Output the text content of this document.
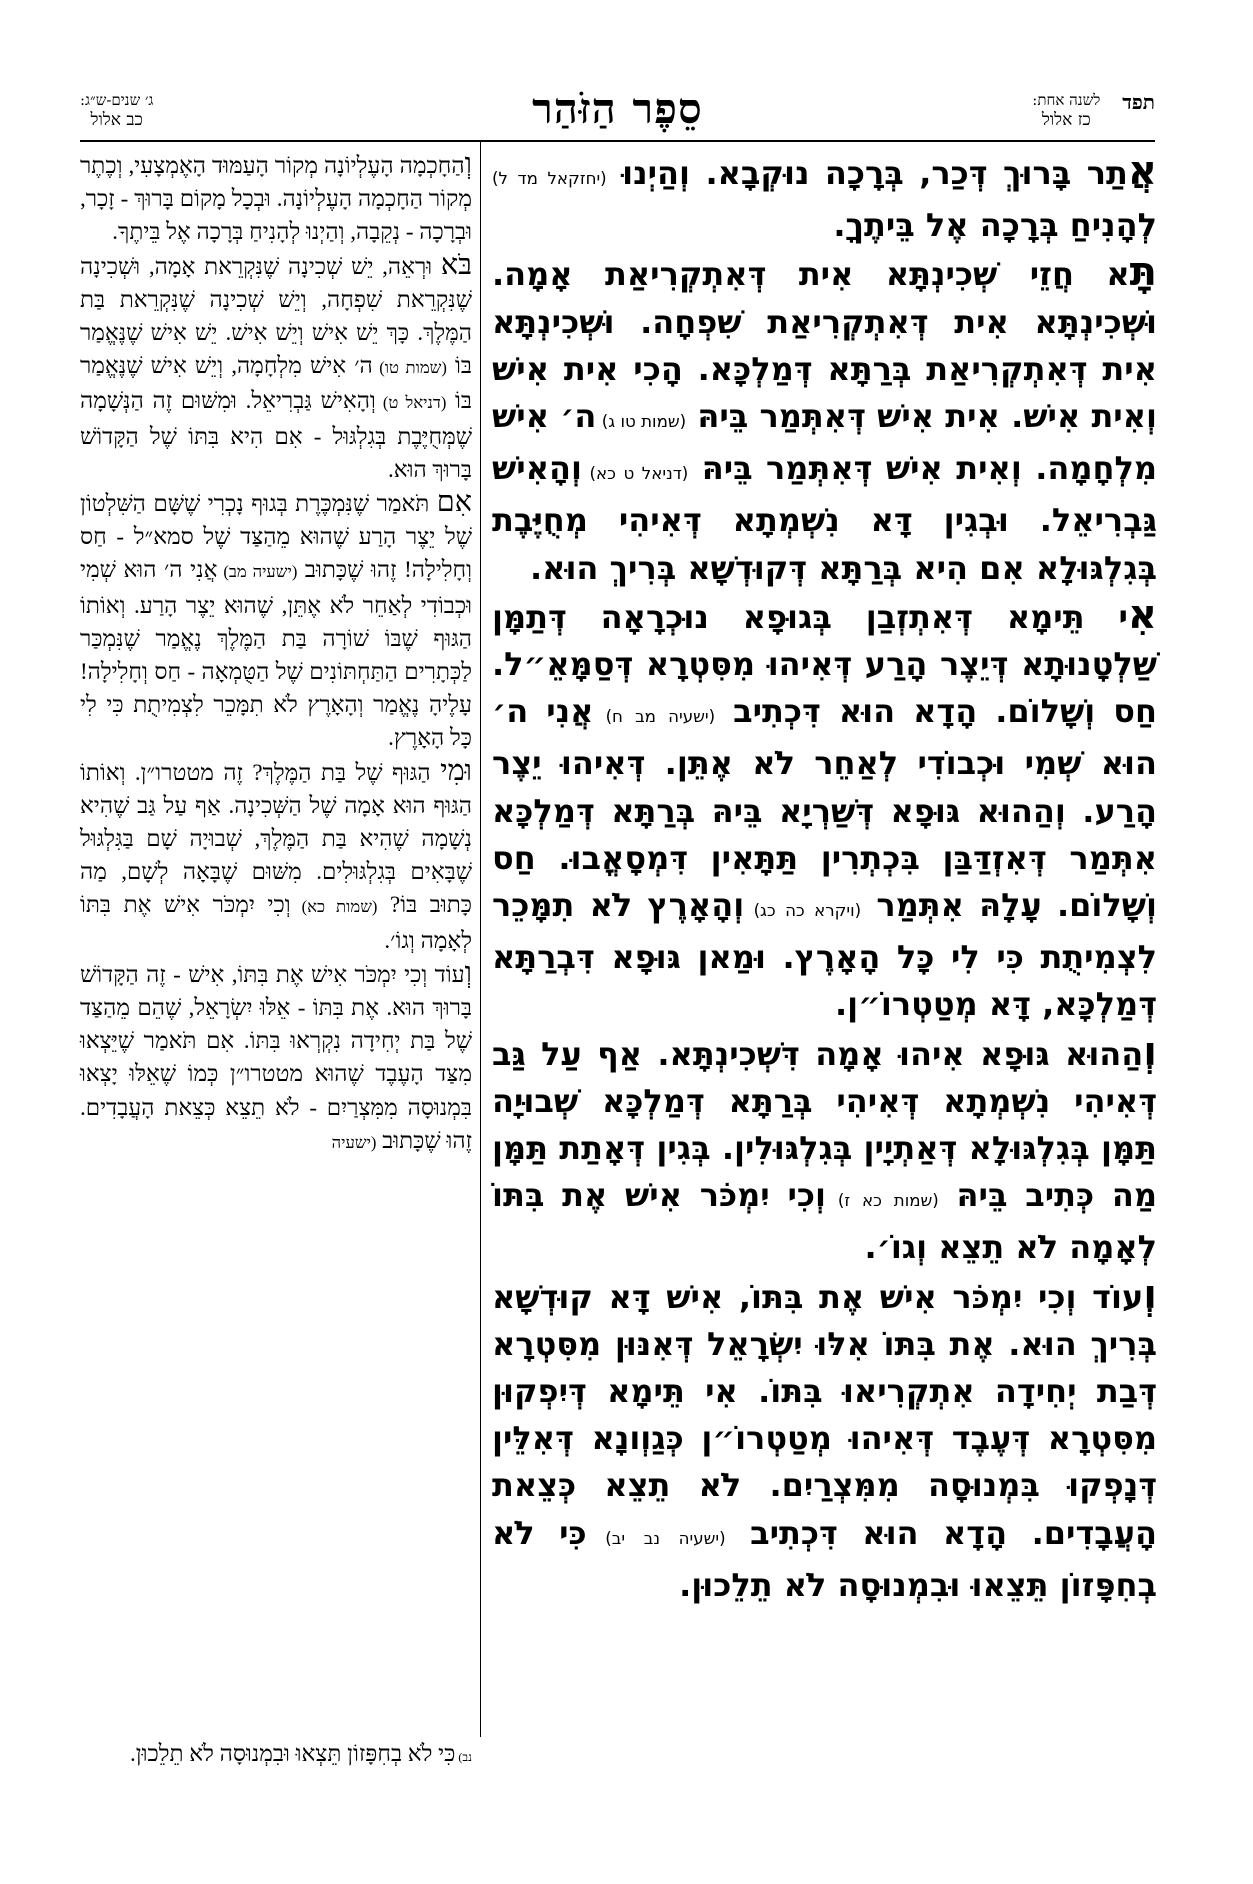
תפד
לשנה אחת:
כז אלול
סֵפֶר הַזֹּהַר
ג׳ שנים-ש״ג:
כב אלול

אֲתַר בָּרוּךְ דְּכַר, בְּרָכָה נוּקְבָא. וְהַיְנוּ (יחזקאל מד ל) לְהָנִיחַ בְּרָכָה אֶל בֵּיתֶךָ.

תָּא חֲזֵי שְׁכִינְתָּא אִית דְּאִתְקְרִיאַת אָמָה. וּשְׁכִינְתָּא אִית דְּאִתְקְרִיאַת שִׁפְחָה. וּשְׁכִינְתָּא אִית דְּאִתְקְרִיאַת בְּרַתָּא דְּמַלְכָּא. הָכִי אִית אִישׁ וְאִית אִישׁ. אִית אִישׁ דְּאִתְּמַר בֵּיהּ (שמות טו ג) ה׳ אִישׁ מִלְחָמָה. וְאִית אִישׁ דְּאִתְּמַר בֵּיהּ (דניאל ט כא) וְהָאִישׁ גַּבְרִיאֵל. וּבְגִין דָּא נִשְׁמְתָא דְּאִיהִי מְחֻיֶּבֶת בְּגִלְגּוּלָא אִם הִיא בְּרַתָּא דְּקוּדְשָׁא בְּרִיךְ הוּא.

אִי תֵּימָא דְּאִתְזְבַן בְּגוּפָא נוּכְרָאָה דְּתַמָּן שַׁלְטָנוּתָא דְּיֵצֶר הָרַע דְּאִיהוּ מִסִּטְרָא דְּסַמָּאֵ״ל. חַס וְשָׁלוֹם. הָדָא הוּא דִּכְתִיב (ישעיה מב ח) אֲנִי ה׳ הוּא שְׁמִי וּכְבוֹדִי לְאַחֵר לֹא אֶתֵּן. דְּאִיהוּ יֵצֶר הָרַע. וְהַהוּא גּוּפָא דְּשַׁרְיָא בֵּיהּ בְּרַתָּא דְּמַלְכָּא אִתְּמַר דְּאִזְדַּבַּן בִּכְתְרִין תַּתָּאִין דִּמְסָאֳבוּ. חַס וְשָׁלוֹם. עָלָהּ אִתְּמַר (ויקרא כה כג) וְהָאָרֶץ לֹא תִמָּכֵר לִצְמִיתֻת כִּי לִי כָּל הָאָרֶץ. וּמַאן גּוּפָא דִּבְרַתָּא דְּמַלְכָּא, דָּא מְטַטְרוֹ״ן.

וְהַהוּא גּוּפָא אִיהוּ אָמָה דִּשְׁכִינְתָּא. אַף עַל גַּב דְּאִיהִי נִשְׁמְתָא דְּאִיהִי בְּרַתָּא דְּמַלְכָּא שְׁבוּיָה תַּמָּן בְּגִלְגּוּלָא דְּאַתְיָין בְּגִלְגּוּלִין. בְּגִין דְּאָתַת תַּמָּן מַה כְּתִיב בֵּיהּ (שמות כא ז) וְכִי יִמְכֹּר אִישׁ אֶת בִּתּוֹ לְאָמָה לֹא תֵצֵא וְגוֹ׳.

וְעוֹד וְכִי יִמְכֹּר אִישׁ אֶת בִּתּוֹ, אִישׁ דָּא קוּדְשָׁא בְּרִיךְ הוּא. אֶת בִּתּוֹ אִלּוּ יִשְׂרָאֵל דְּאִנּוּן מִסִּטְרָא דְּבַת יְחִידָה אִתְקְרִיאוּ בִּתּוֹ. אִי תֵּימָא דְּיִפְקוּן מִסִּטְרָא דְּעֶבֶד דְּאִיהוּ מְטַטְרוֹ״ן כְּגַוְונָא דְּאִלֵּין דְּנָפְקוּ בִּמְנוּסָה מִמִּצְרַיִם. לֹא תֵצֵא כְּצֵאת הָעֲבָדִים. הָדָא הוּא דִּכְתִיב (ישעיה נב יב) כִּי לֹא בְחִפָּזוֹן תֵּצֵאוּ וּבִמְנוּסָה לֹא תֵלֵכוּן.

וְהַחָכְמָה הָעֶלְיוֹנָה מְקוֹר הָעַמּוּד הָאֶמְצָעִי, וְכֶתֶר מְקוֹר הַחָכְמָה הָעֶלְיוֹנָה. וּבְכָל מָקוֹם בָּרוּךְ - זָכָר, וּבְרָכָה - נְקֵבָה, וְהַיְנוּ לְהָנִיחַ בְּרָכָה אֶל בֵּיתֶךָ.

בֹּא וּרְאֵה, יֵשׁ שְׁכִינָה שֶׁנִּקְרֵאת אָמָה, וּשְׁכִינָה שֶׁנִּקְרֵאת שִׁפְחָה, וְיֵשׁ שְׁכִינָה שֶׁנִּקְרֵאת בַּת הַמֶּלֶךְ. כָּךְ יֵשׁ אִישׁ וְיֵשׁ אִישׁ. יֵשׁ אִישׁ שֶׁנֶּאֱמַר בּוֹ (שמות טו) ה׳ אִישׁ מִלְחָמָה, וְיֵשׁ אִישׁ שֶׁנֶּאֱמַר בּוֹ (דניאל ט) וְהָאִישׁ גַּבְרִיאֵל. וּמִשּׁוּם זֶה הַנְּשָׁמָה שֶׁמְּחֻיֶּבֶת בְּגִלְגּוּל - אִם הִיא בִּתּוֹ שֶׁל הַקָּדוֹשׁ בָּרוּךְ הוּא.

אִם תֹּאמַר שֶׁנִּמְכֶּרֶת בְּגוּף נָכְרִי שֶׁשָּׁם הַשִּׁלְטוֹן שֶׁל יֵצֶר הָרַע שֶׁהוּא מֵהַצַּד שֶׁל סמא״ל - חַס וְחָלִילָה! זֶהוּ שֶׁכָּתוּב (ישעיה מב) אֲנִי ה׳ הוּא שְׁמִי וּכְבוֹדִי לְאַחֵר לֹא אֶתֵּן, שֶׁהוּא יֵצֶר הָרַע. וְאוֹתוֹ הַגּוּף שֶׁבּוֹ שׁוֹרָה בַּת הַמֶּלֶךְ נֶאֱמַר שֶׁנִּמְכַּר לַכְּתָרִים הַתַּחְתּוֹנִים שֶׁל הַטֻּמְאָה - חַס וְחָלִילָה! עָלֶיהָ נֶאֱמַר וְהָאָרֶץ לֹא תִמָּכֵר לִצְמִיתֻת כִּי לִי כָּל הָאָרֶץ.

וּמִי הַגּוּף שֶׁל בַּת הַמֶּלֶךְ? זֶה מטטרו״ן. וְאוֹתוֹ הַגּוּף הוּא אָמָה שֶׁל הַשְּׁכִינָה. אַף עַל גַּב שֶׁהִיא נְשָׁמָה שֶׁהִיא בַּת הַמֶּלֶךְ, שְׁבוּיָה שָׁם בַּגִּלְגּוּל שֶׁבָּאִים בְּגִלְגּוּלִים. מִשּׁוּם שֶׁבָּאָה לְשָׁם, מַה כָּתוּב בּוֹ? (שמות כא) וְכִי יִמְכֹּר אִישׁ אֶת בִּתּוֹ לְאָמָה וְגוֹ׳.

וְעוֹד וְכִי יִמְכֹּר אִישׁ אֶת בִּתּוֹ, אִישׁ - זֶה הַקָּדוֹשׁ בָּרוּךְ הוּא. אֶת בִּתּוֹ - אֵלּוּ יִשְׂרָאֵל, שֶׁהֵם מֵהַצַּד שֶׁל בַּת יְחִידָה נִקְרְאוּ בִּתּוֹ. אִם תֹּאמַר שֶׁיֵּצְאוּ מִצַּד הָעֶבֶד שֶׁהוּא מטטרו״ן כְּמוֹ שֶׁאֵלּוּ יָצְאוּ בִּמְנוּסָה מִמִּצְרַיִם - לֹא תֵצֵא כְּצֵאת הָעֲבָדִים. זֶהוּ שֶׁכָּתוּב (ישעיה

נב) כִּי לֹא בְחִפָּזוֹן תֵּצְאוּ וּבִמְנוּסָה לֹא תֵלֵכוּן.
